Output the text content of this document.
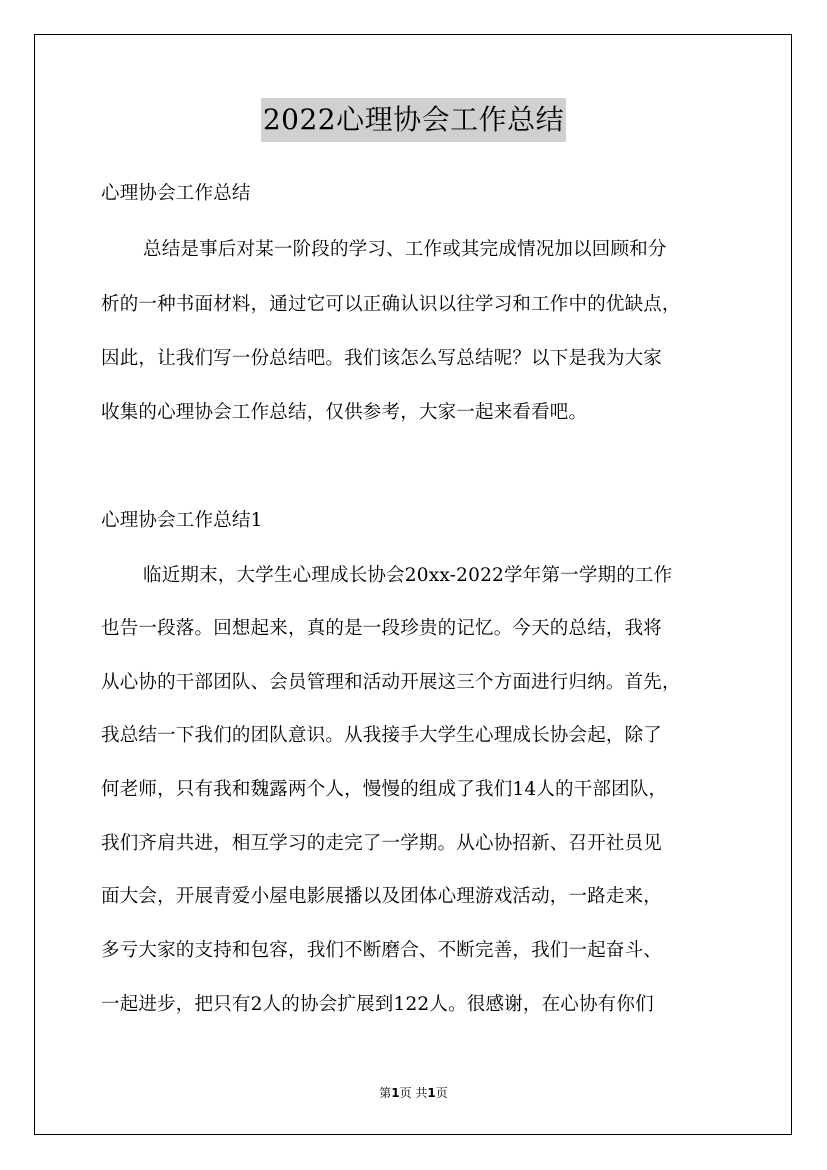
2022心理协会工作总结
心理协会工作总结
总结是事后对某一阶段的学习、工作或其完成情况加以回顾和分
析的一种书面材料，通过它可以正确认识以往学习和工作中的优缺点，
因此，让我们写一份总结吧。我们该怎么写总结呢？以下是我为大家
收集的心理协会工作总结，仅供参考，大家一起来看看吧。
心理协会工作总结1
临近期末，大学生心理成长协会20xx-2022学年第一学期的工作
也告一段落。回想起来，真的是一段珍贵的记忆。今天的总结，我将
从心协的干部团队、会员管理和活动开展这三个方面进行归纳。首先，
我总结一下我们的团队意识。从我接手大学生心理成长协会起，除了
何老师，只有我和魏露两个人，慢慢的组成了我们14人的干部团队，
我们齐肩共进，相互学习的走完了一学期。从心协招新、召开社员见
面大会，开展青爱小屋电影展播以及团体心理游戏活动，一路走来，
多亏大家的支持和包容，我们不断磨合、不断完善，我们一起奋斗、
一起进步，把只有2人的协会扩展到122人。很感谢，在心协有你们
第1页 共1页
